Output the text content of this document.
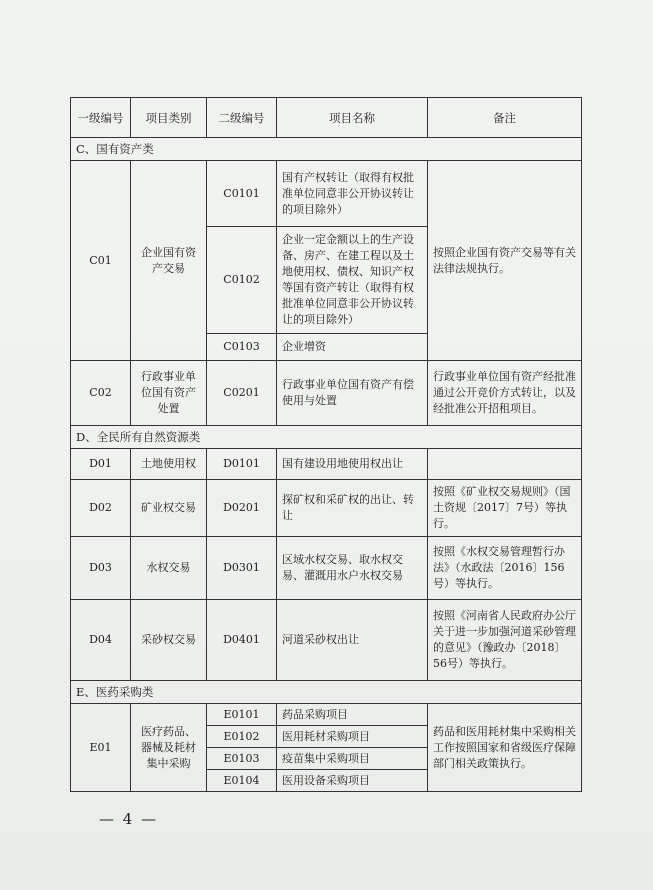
一级编号	项目类别	二级编号	项目名称	备注
C、国有资产类				
C01	企业国有资产交易	C0101	国有产权转让（取得有权批准单位同意非公开协议转让的项目除外）	按照企业国有资产交易等有关法律法规执行。
		C0102	企业一定金额以上的生产设备、房产、在建工程以及土地使用权、债权、知识产权等国有资产转让（取得有权批准单位同意非公开协议转让的项目除外）	
		C0103	企业增资	
C02	行政事业单位国有资产处置	C0201	行政事业单位国有资产有偿使用与处置	行政事业单位国有资产经批准通过公开竞价方式转让，以及经批准公开招租项目。
D、全民所有自然资源类				
D01	土地使用权	D0101	国有建设用地使用权出让	
D02	矿业权交易	D0201	探矿权和采矿权的出让、转让	按照《矿业权交易规则》（国土资规〔2017〕7号）等执行。
D03	水权交易	D0301	区域水权交易、取水权交易、灌溉用水户水权交易	按照《水权交易管理暂行办法》（水政法〔2016〕156号）等执行。
D04	采砂权交易	D0401	河道采砂权出让	按照《河南省人民政府办公厅关于进一步加强河道采砂管理的意见》（豫政办〔2018〕56号）等执行。
E、医药采购类				
E01	医疗药品、器械及耗材集中采购	E0101	药品采购项目	药品和医用耗材集中采购相关工作按照国家和省级医疗保障部门相关政策执行。
		E0102	医用耗材采购项目	
		E0103	疫苗集中采购项目	
		E0104	医用设备采购项目	
— 4 —
